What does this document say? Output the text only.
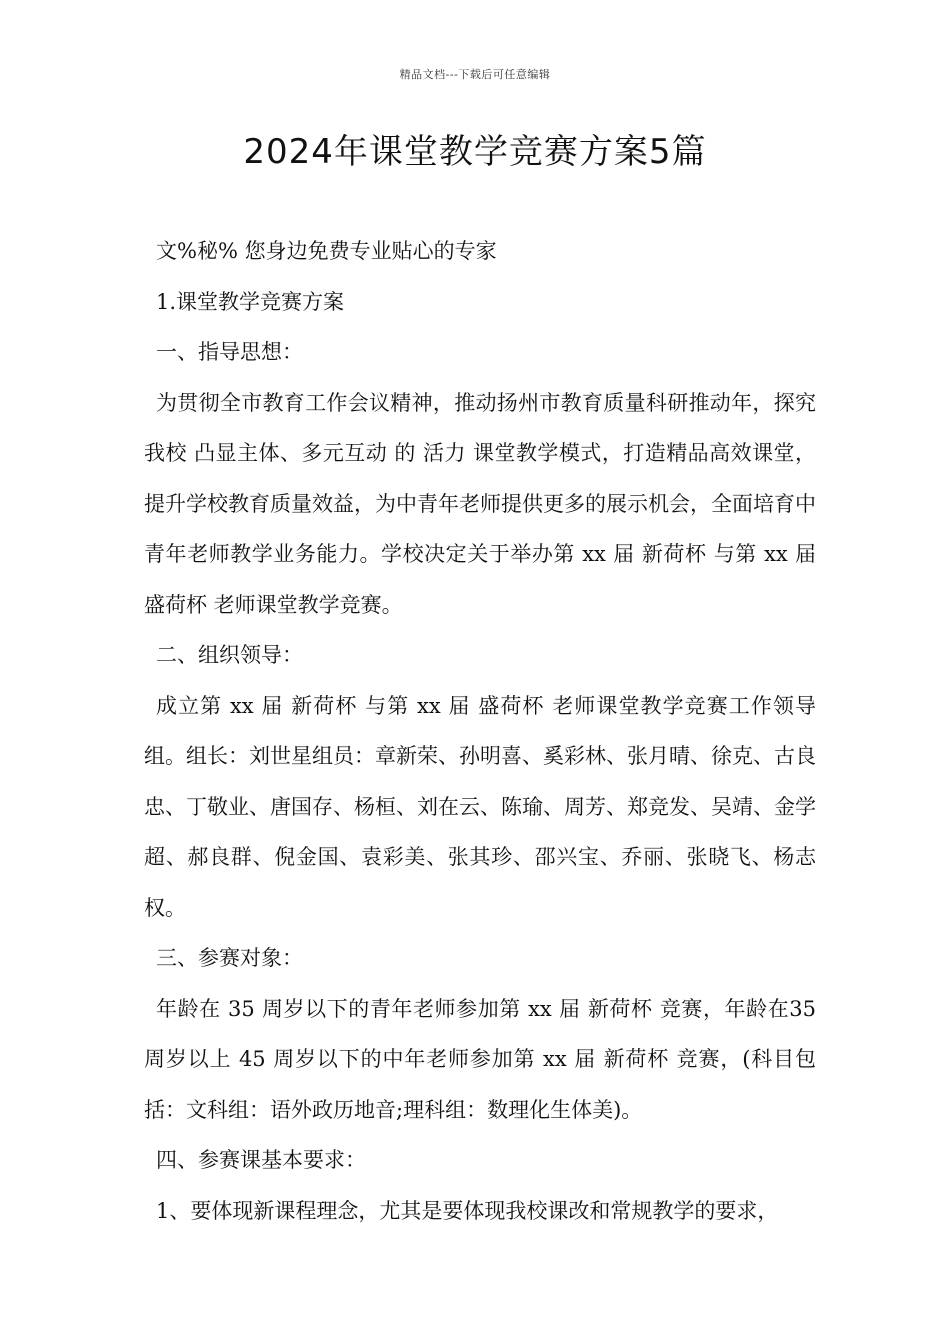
精品文档---下载后可任意编辑
2024年课堂教学竞赛方案5篇

文%秘% 您身边免费专业贴心的专家

1.课堂教学竞赛方案

一、指导思想：

为贯彻全市教育工作会议精神，推动扬州市教育质量科研推动年，探究我校 凸显主体、多元互动 的 活力 课堂教学模式，打造精品高效课堂，提升学校教育质量效益，为中青年老师提供更多的展示机会，全面培育中青年老师教学业务能力。学校决定关于举办第 xx 届 新荷杯 与第 xx 届 盛荷杯 老师课堂教学竞赛。

二、组织领导：

成立第 xx 届 新荷杯 与第 xx 届 盛荷杯 老师课堂教学竞赛工作领导组。组长：刘世星组员：章新荣、孙明喜、奚彩林、张月晴、徐克、古良忠、丁敬业、唐国存、杨桓、刘在云、陈瑜、周芳、郑竞发、吴靖、金学超、郝良群、倪金国、袁彩美、张其珍、邵兴宝、乔丽、张晓飞、杨志权。

三、参赛对象：

年龄在 35 周岁以下的青年老师参加第 xx 届 新荷杯 竞赛，年龄在35 周岁以上 45 周岁以下的中年老师参加第 xx 届 新荷杯 竞赛，(科目包括：文科组：语外政历地音;理科组：数理化生体美)。

四、参赛课基本要求：

1、要体现新课程理念，尤其是要体现我校课改和常规教学的要求，
